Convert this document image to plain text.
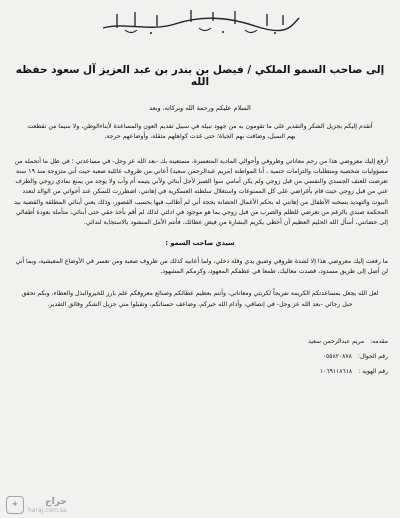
إلى صاحب السمو الملكي / فيصل بن بندر بن عبد العزيز آل سعود حفظه الله
السلام عليكم ورحمة الله وبركاته، وبعد

أتقدم إليكم بجزيل الشكر والتقدير على ما تقومون به من جهود نبيلة في سبيل تقديم العون والمساعدة لأبناءالوطن، ولا سيما من تقطعت بهم السبل، وضاقت بهم الحياة؛ حتى غدت كواهلهم مثقلة، وأوضاعهم حرجة.

أرفع إليك معروضي هذا من رحم معاناتي وظروفي وأحوالي المادية المتعسرة، مستعينة بك -بعد الله عز وجل- في مساعدتي ؛ في ظل ما أتحمله من مسؤوليات شخصية ومتطلبات والتزامات حتمية ، أنا المواطنة (مريم عبدالرحمن سعيد) أعاني من ظروف عائلية صعبة حيث أني متزوجة منذ ١٩ سنة تعرضت للعنف الجسدي والنفسي من قبل زوجي ولم يكن أمامي سوا الصبر لأجل أبنائي ولأني يتيمه أم وأب ولا يوجد من يمنع تمادي زوجي والطرف عني من قبل زوجي حيث قام بأغراضي على كل الممنوعات واستغلال سلطته العسكرية في إهانتي، اضطررت للسكن عند أخواتي من الوالد لتعدد البيوت والتهديد بسحبه الأطفال من إهانتي له بحكم الأعمال الحضانة بحجة أني لم أطالب فيها بحسب القصور، وذلك يعني أبنائي المطلقة والقضية بيد المحكمة صندي بالرغم من تعرضي للظلم والضرب من قبل زوجي بما هو موجود في ادلتي لذلك لم أقم بأخذ حقي حتى أبنائي، متأملة بعودة أطفالي إلى حضانتي، أسأل الله الحليم العظيم أن أحظى بكريم البشارة من فيض عطائك، فأنتم الأمل المنشود بالاستجابة لندائي.

سيدي صاحب السمو :

ما رفعت إليك معروضي هذا إلا لشدة ظروفي وضيق يدي وقلة دخلي، ولما أعانيه كذلك من ظروف صعبة ومن تعسر في الأوضاع المعيشية، وبما أني لن أصل إلى طريق مسدود، قصدت معاليك، طمعا في عطفكم المعهود، وكرمكم المشهود.

لعل الله يجعل بمساعدتكم الكريمة تفريجاً لكربتي ومعاناتي، وأنتم بعظيم عطائكم وصنائع معروفكم علم بارز للخيروالبذل والعطاء، وبكم تحقق حبل رجائي -بعد الله عز وجل- في إنصافي، وأدام الله خيركم، وضاعف حسناتكم، وتقبلوا مني جزيل الشكر وفائق التقدير.

مقدمه:
مريم عبدالرحمن سعيد
رقم الجوال:
٠٥٥٨٢٠٨٧٨
رقم الهويه :
١٠٦٩١١٨٦١٨
✦	حراج
haraj.com.sa
